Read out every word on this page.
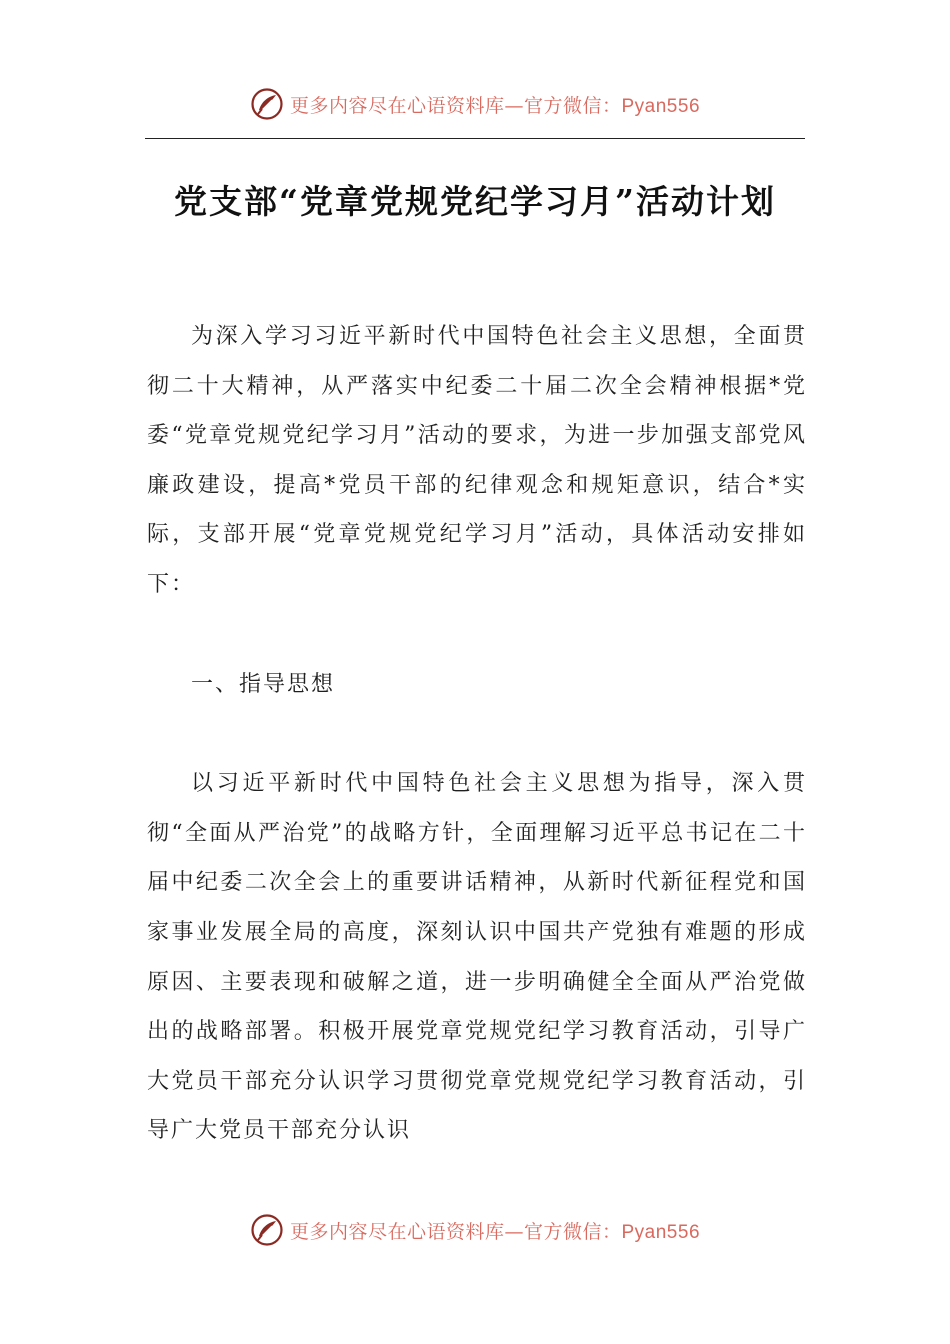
更多内容尽在心语资料库—官方微信：Pyan556
党支部“党章党规党纪学习月”活动计划

为深入学习习近平新时代中国特色社会主义思想，全面贯彻二十大精神，从严落实中纪委二十届二次全会精神根据*党委“党章党规党纪学习月”活动的要求，为进一步加强支部党风廉政建设，提高*党员干部的纪律观念和规矩意识，结合*实际，支部开展“党章党规党纪学习月”活动，具体活动安排如下：

一、指导思想

以习近平新时代中国特色社会主义思想为指导，深入贯彻“全面从严治党”的战略方针，全面理解习近平总书记在二十届中纪委二次全会上的重要讲话精神，从新时代新征程党和国家事业发展全局的高度，深刻认识中国共产党独有难题的形成原因、主要表现和破解之道，进一步明确健全全面从严治党做出的战略部署。积极开展党章党规党纪学习教育活动，引导广大党员干部充分认识学习贯彻党章党规党纪学习教育活动，引导广大党员干部充分认识

更多内容尽在心语资料库—官方微信：Pyan556
